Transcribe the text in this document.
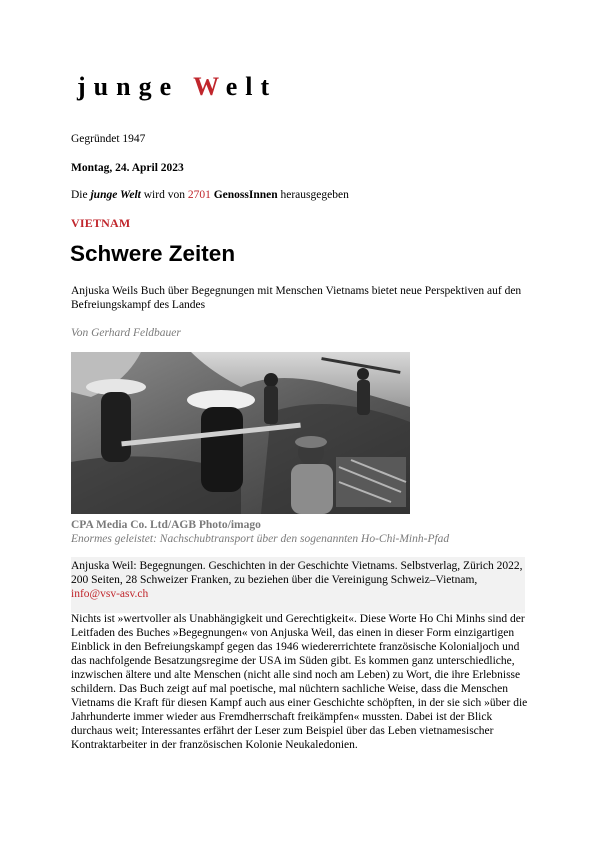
junge Welt
Gegründet 1947
Montag, 24. April 2023
Die junge Welt wird von 2701 GenossInnen herausgegeben
VIETNAM
Schwere Zeiten
Anjuska Weils Buch über Begegnungen mit Menschen Vietnams bietet neue Perspektiven auf den Befreiungskampf des Landes
Von Gerhard Feldbauer
CPA Media Co. Ltd/AGB Photo/imago
Enormes geleistet: Nachschubtransport über den sogenannten Ho-Chi-Minh-Pfad
Anjuska Weil: Begegnungen. Geschichten in der Geschichte Vietnams. Selbstverlag, Zürich 2022, 200 Seiten, 28 Schweizer Franken, zu beziehen über die Vereinigung Schweiz–Vietnam, info@vsv-asv.ch
Nichts ist »wertvoller als Unabhängigkeit und Gerechtigkeit«. Diese Worte Ho Chi Minhs sind der Leitfaden des Buches »Begegnungen« von Anjuska Weil, das einen in dieser Form einzigartigen Einblick in den Befreiungskampf gegen das 1946 wiedererrichtete französische Kolonialjoch und das nachfolgende Besatzungsregime der USA im Süden gibt. Es kommen ganz unterschiedliche, inzwischen ältere und alte Menschen (nicht alle sind noch am Leben) zu Wort, die ihre Erlebnisse schildern. Das Buch zeigt auf mal poetische, mal nüchtern sachliche Weise, dass die Menschen Vietnams die Kraft für diesen Kampf auch aus einer Geschichte schöpften, in der sie sich »über die Jahrhunderte immer wieder aus Fremdherrschaft freikämpfen« mussten. Dabei ist der Blick durchaus weit; Interessantes erfährt der Leser zum Beispiel über das Leben vietnamesischer Kontraktarbeiter in der französischen Kolonie Neukaledonien.
